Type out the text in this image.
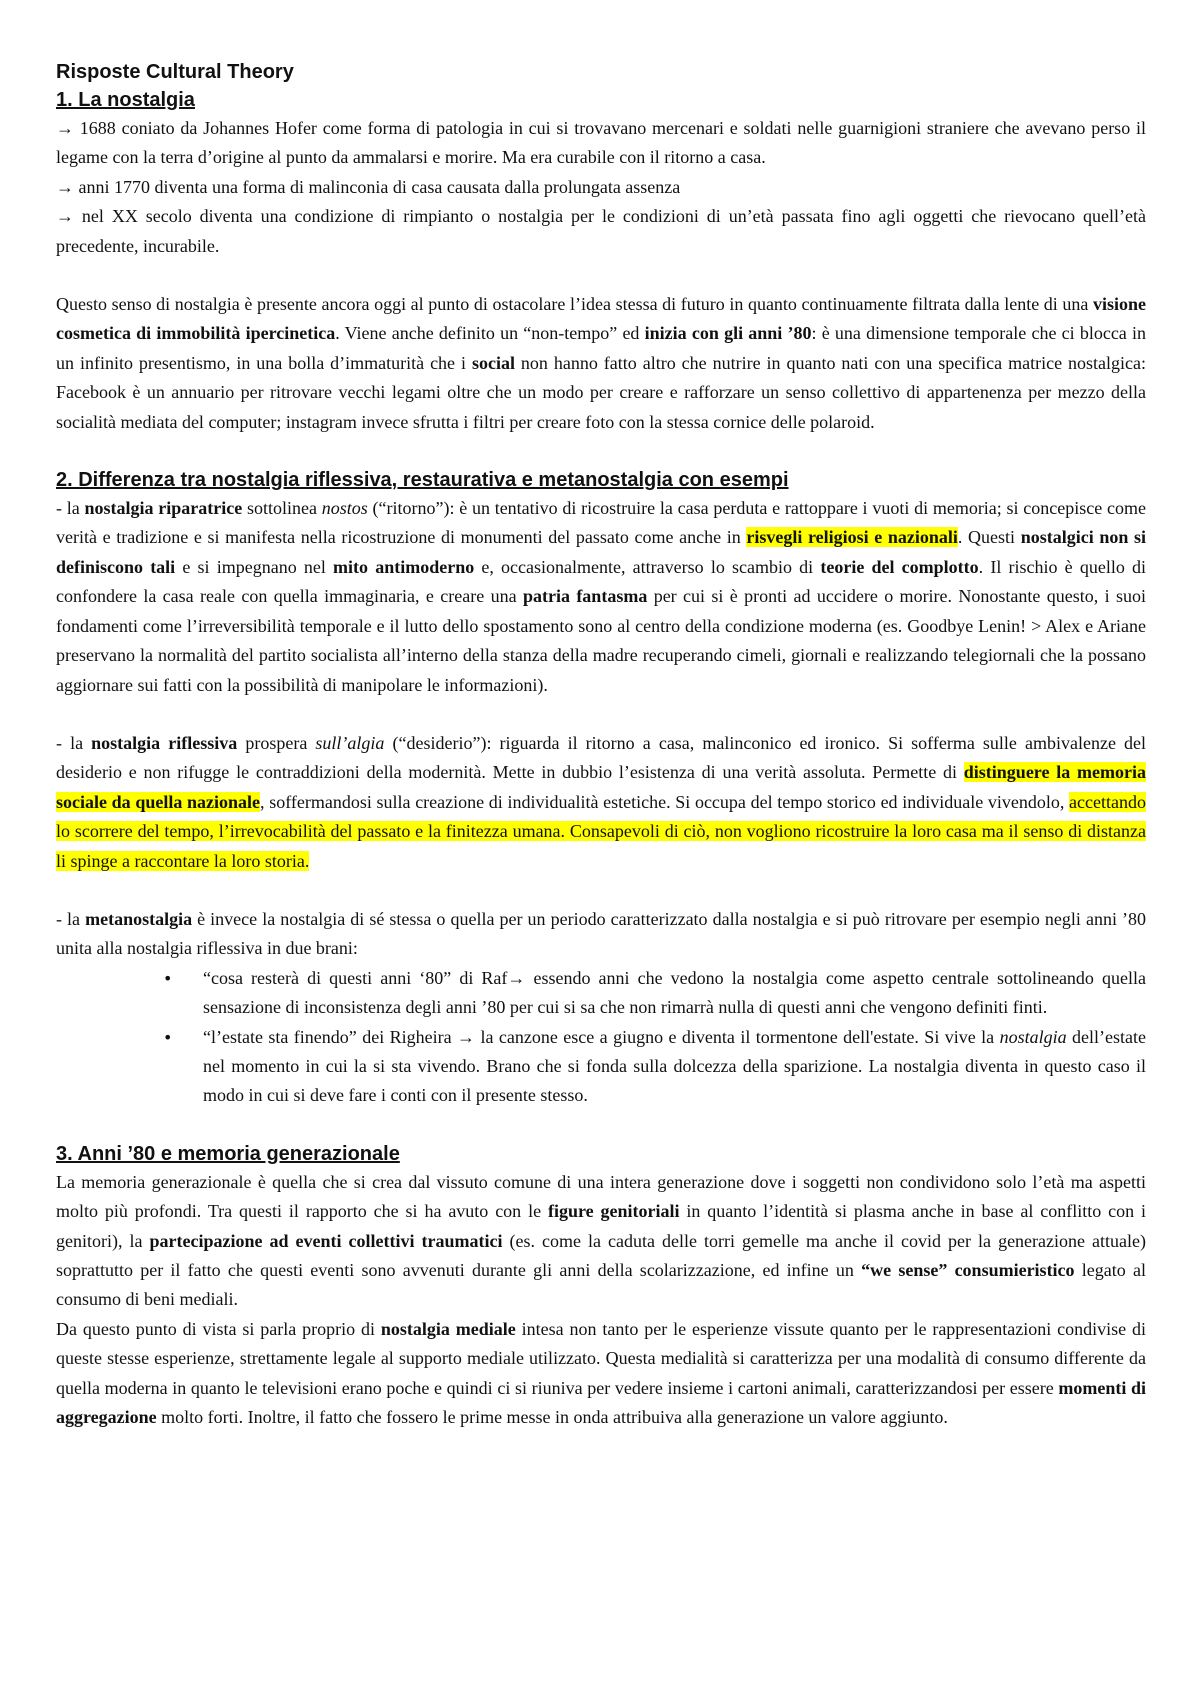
Risposte Cultural Theory
1. La nostalgia

→ 1688 coniato da Johannes Hofer come forma di patologia in cui si trovavano mercenari e soldati nelle guarnigioni straniere che avevano perso il legame con la terra d’origine al punto da ammalarsi e morire. Ma era curabile con il ritorno a casa.

→ anni 1770 diventa una forma di malinconia di casa causata dalla prolungata assenza

→ nel XX secolo diventa una condizione di rimpianto o nostalgia per le condizioni di un’età passata fino agli oggetti che rievocano quell’età precedente, incurabile.

Questo senso di nostalgia è presente ancora oggi al punto di ostacolare l’idea stessa di futuro in quanto continuamente filtrata dalla lente di una visione cosmetica di immobilità ipercinetica. Viene anche definito un “non-tempo” ed inizia con gli anni ’80: è una dimensione temporale che ci blocca in un infinito presentismo, in una bolla d’immaturità che i social non hanno fatto altro che nutrire in quanto nati con una specifica matrice nostalgica: Facebook è un annuario per ritrovare vecchi legami oltre che un modo per creare e rafforzare un senso collettivo di appartenenza per mezzo della socialità mediata del computer; instagram invece sfrutta i filtri per creare foto con la stessa cornice delle polaroid.

2. Differenza tra nostalgia riflessiva, restaurativa e metanostalgia con esempi

- la nostalgia riparatrice sottolinea nostos (“ritorno”): è un tentativo di ricostruire la casa perduta e rattoppare i vuoti di memoria; si concepisce come verità e tradizione e si manifesta nella ricostruzione di monumenti del passato come anche in risvegli religiosi e nazionali. Questi nostalgici non si definiscono tali e si impegnano nel mito antimoderno e, occasionalmente, attraverso lo scambio di teorie del complotto. Il rischio è quello di confondere la casa reale con quella immaginaria, e creare una patria fantasma per cui si è pronti ad uccidere o morire. Nonostante questo, i suoi fondamenti come l’irreversibilità temporale e il lutto dello spostamento sono al centro della condizione moderna (es. Goodbye Lenin! > Alex e Ariane preservano la normalità del partito socialista all’interno della stanza della madre recuperando cimeli, giornali e realizzando telegiornali che la possano aggiornare sui fatti con la possibilità di manipolare le informazioni).

- la nostalgia riflessiva prospera sull’algia (“desiderio”): riguarda il ritorno a casa, malinconico ed ironico. Si sofferma sulle ambivalenze del desiderio e non rifugge le contraddizioni della modernità. Mette in dubbio l’esistenza di una verità assoluta. Permette di distinguere la memoria sociale da quella nazionale, soffermandosi sulla creazione di individualità estetiche. Si occupa del tempo storico ed individuale vivendolo, accettando lo scorrere del tempo, l’irrevocabilità del passato e la finitezza umana. Consapevoli di ciò, non vogliono ricostruire la loro casa ma il senso di distanza li spinge a raccontare la loro storia.

- la metanostalgia è invece la nostalgia di sé stessa o quella per un periodo caratterizzato dalla nostalgia e si può ritrovare per esempio negli anni ’80 unita alla nostalgia riflessiva in due brani:

• “cosa resterà di questi anni ‘80” di Raf→ essendo anni che vedono la nostalgia come aspetto centrale sottolineando quella sensazione di inconsistenza degli anni ’80 per cui si sa che non rimarrà nulla di questi anni che vengono definiti finti.
• “l’estate sta finendo” dei Righeira → la canzone esce a giugno e diventa il tormentone dell'estate. Si vive la nostalgia dell’estate nel momento in cui la si sta vivendo. Brano che si fonda sulla dolcezza della sparizione. La nostalgia diventa in questo caso il modo in cui si deve fare i conti con il presente stesso.
3. Anni ’80 e memoria generazionale

La memoria generazionale è quella che si crea dal vissuto comune di una intera generazione dove i soggetti non condividono solo l’età ma aspetti molto più profondi. Tra questi il rapporto che si ha avuto con le figure genitoriali in quanto l’identità si plasma anche in base al conflitto con i genitori), la partecipazione ad eventi collettivi traumatici (es. come la caduta delle torri gemelle ma anche il covid per la generazione attuale) soprattutto per il fatto che questi eventi sono avvenuti durante gli anni della scolarizzazione, ed infine un “we sense” consumieristico legato al consumo di beni mediali.

Da questo punto di vista si parla proprio di nostalgia mediale intesa non tanto per le esperienze vissute quanto per le rappresentazioni condivise di queste stesse esperienze, strettamente legale al supporto mediale utilizzato. Questa medialità si caratterizza per una modalità di consumo differente da quella moderna in quanto le televisioni erano poche e quindi ci si riuniva per vedere insieme i cartoni animali, caratterizzandosi per essere momenti di aggregazione molto forti. Inoltre, il fatto che fossero le prime messe in onda attribuiva alla generazione un valore aggiunto.
